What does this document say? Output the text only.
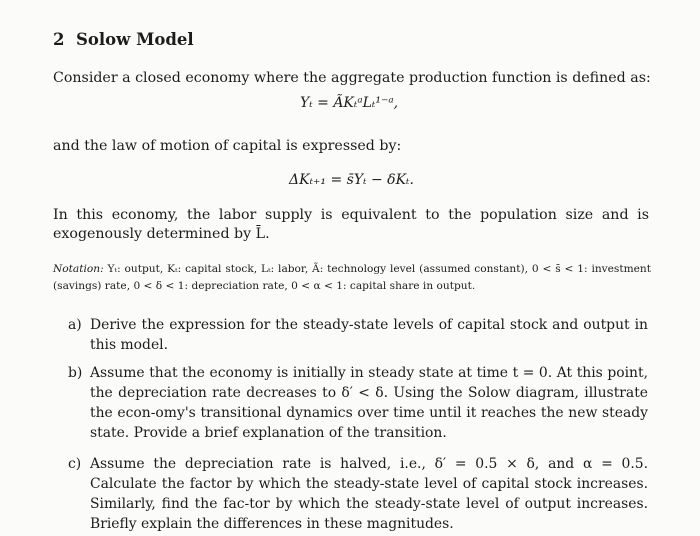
2 Solow Model
Consider a closed economy where the aggregate production function is defined as:
Yₜ = ÃKₜᵃLₜ¹⁻ᵃ,
and the law of motion of capital is expressed by:
ΔKₜ₊₁ = s̄Yₜ − δKₜ.
In this economy, the labor supply is equivalent to the population size and is exogenously determined by L̄.
Notation: Yₜ: output, Kₜ: capital stock, Lₜ: labor, Ã: technology level (assumed constant), 0 < s̄ < 1: investment (savings) rate, 0 < δ < 1: depreciation rate, 0 < α < 1: capital share in output.
a) Derive the expression for the steady-state levels of capital stock and output in this model.
b) Assume that the economy is initially in steady state at time t = 0. At this point, the depreciation rate decreases to δ′ < δ. Using the Solow diagram, illustrate the econ-omy's transitional dynamics over time until it reaches the new steady state. Provide a brief explanation of the transition.
c) Assume the depreciation rate is halved, i.e., δ′ = 0.5 × δ, and α = 0.5. Calculate the factor by which the steady-state level of capital stock increases. Similarly, find the fac-tor by which the steady-state level of output increases. Briefly explain the differences in these magnitudes.
